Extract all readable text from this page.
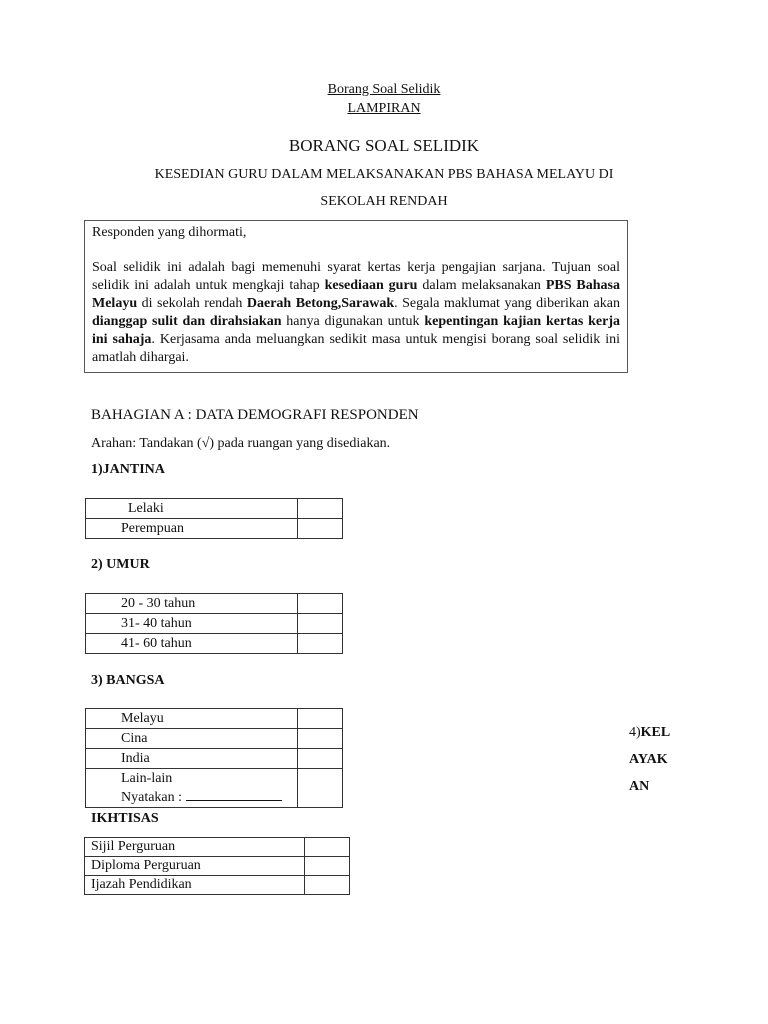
Borang Soal Selidik
LAMPIRAN
BORANG SOAL SELIDIK
KESEDIAN GURU DALAM MELAKSANAKAN PBS BAHASA MELAYU DI
SEKOLAH RENDAH

Responden yang dihormati,

Soal selidik ini adalah bagi memenuhi syarat kertas kerja pengajian sarjana. Tujuan soal selidik ini adalah untuk mengkaji tahap kesediaan guru dalam melaksanakan PBS Bahasa Melayu di sekolah rendah Daerah Betong,Sarawak. Segala maklumat yang diberikan akan dianggap sulit dan dirahsiakan hanya digunakan untuk kepentingan kajian kertas kerja ini sahaja. Kerjasama anda meluangkan sedikit masa untuk mengisi borang soal selidik ini amatlah dihargai.

BAHAGIAN A : DATA DEMOGRAFI RESPONDEN
Arahan: Tandakan (√) pada ruangan yang disediakan.
1)JANTINA
Lelaki	
Perempuan	
2) UMUR
20 - 30 tahun	
31- 40 tahun	
41- 60 tahun	
3) BANGSA
Melayu	
Cina	
India	
Lain-lain
Nyatakan :	
4)KEL
AYAK
AN
IKHTISAS
Sijil Perguruan	
Diploma Perguruan	
Ijazah Pendidikan	
